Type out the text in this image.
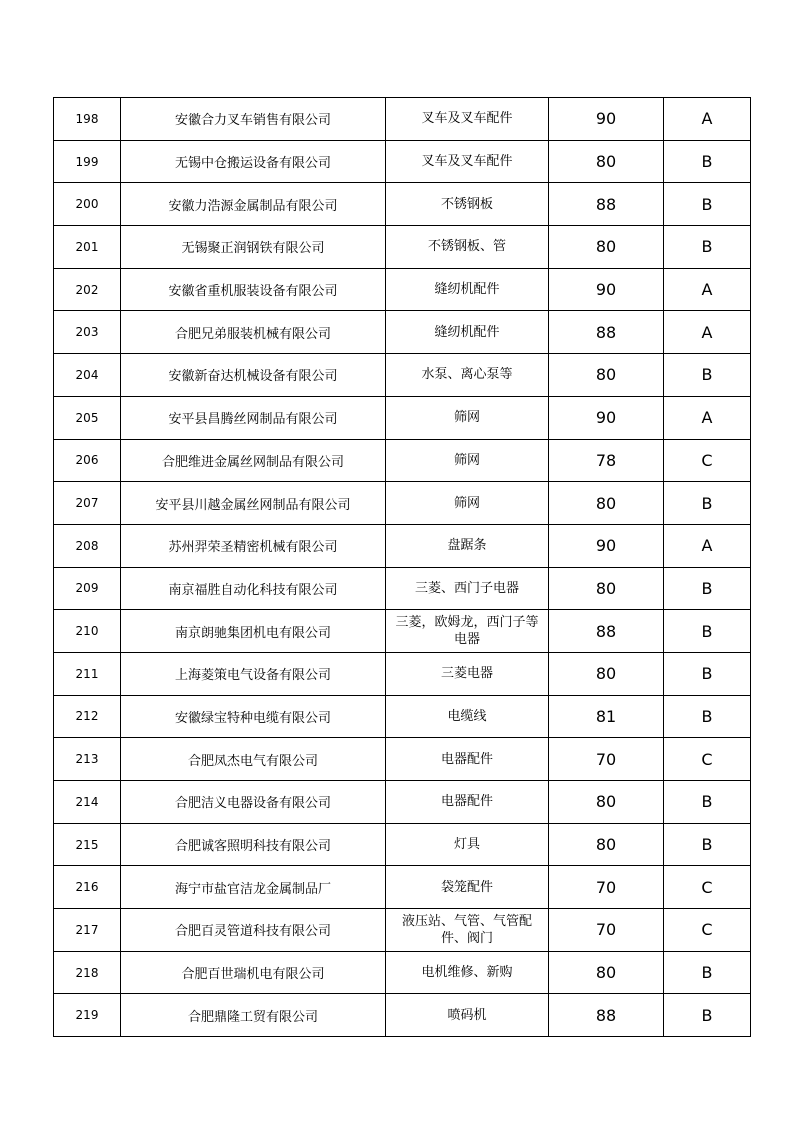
198	安徽合力叉车销售有限公司	叉车及叉车配件	90	A
199	无锡中仓搬运设备有限公司	叉车及叉车配件	80	B
200	安徽力浩源金属制品有限公司	不锈钢板	88	B
201	无锡聚正润钢铁有限公司	不锈钢板、管	80	B
202	安徽省重机服装设备有限公司	缝纫机配件	90	A
203	合肥兄弟服装机械有限公司	缝纫机配件	88	A
204	安徽新奋达机械设备有限公司	水泵、离心泵等	80	B
205	安平县昌腾丝网制品有限公司	筛网	90	A
206	合肥维进金属丝网制品有限公司	筛网	78	C
207	安平县川越金属丝网制品有限公司	筛网	80	B
208	苏州羿荣圣精密机械有限公司	盘踞条	90	A
209	南京福胜自动化科技有限公司	三菱、西门子电器	80	B
210	南京朗驰集团机电有限公司	三菱，欧姆龙，西门子等电器	88	B
211	上海菱策电气设备有限公司	三菱电器	80	B
212	安徽绿宝特种电缆有限公司	电缆线	81	B
213	合肥凤杰电气有限公司	电器配件	70	C
214	合肥洁义电器设备有限公司	电器配件	80	B
215	合肥诚客照明科技有限公司	灯具	80	B
216	海宁市盐官洁龙金属制品厂	袋笼配件	70	C
217	合肥百灵管道科技有限公司	液压站、气管、气管配件、阀门	70	C
218	合肥百世瑞机电有限公司	电机维修、新购	80	B
219	合肥鼎隆工贸有限公司	喷码机	88	B
